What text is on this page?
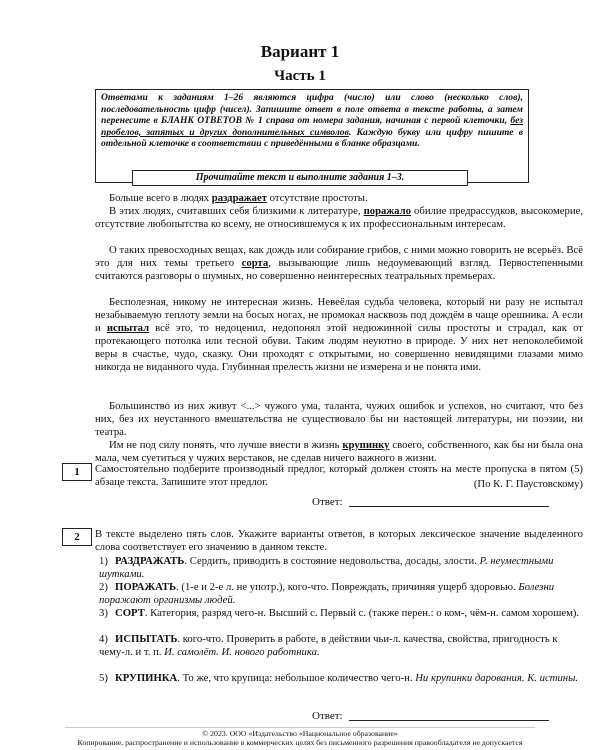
Вариант 1
Часть 1
Ответами к заданиям 1–26 являются цифра (число) или слово (несколько слов), последовательность цифр (чисел). Запишите ответ в поле ответа в тексте работы, а затем перенесите в БЛАНК ОТВЕТОВ № 1 справа от номера задания, начиная с первой клеточки, без пробелов, запятых и других дополнительных символов. Каждую букву или цифру пишите в отдельной клеточке в соответствии с приведёнными в бланке образцами.
Прочитайте текст и выполните задания 1–3.
Больше всего в людях раздражает отсутствие простоты.
В этих людях, считавших себя близкими к литературе, поражало обилие предрассудков, высокомерие, отсутствие любопытства ко всему, не относившемуся к их профессиональным интересам.
О таких превосходных вещах, как дождь или собирание грибов, с ними можно говорить не всерьёз. Всё это для них темы третьего сорта, вызывающие лишь недоумевающий взгляд. Первостепенными считаются разговоры о шумных, но совершенно неинтересных театральных премьерах.
Бесполезная, никому не интересная жизнь. Невеёлая судьба человека, который ни разу не испытал незабываемую теплоту земли на босых ногах, не промокал насквозь под дождём в чаще орешника. А если и испытал всё это, то недоценил, недопонял этой недюжинной силы простоты и страдал, как от протекающего потолка или тесной обуви. Таким людям неуютно в природе. У них нет непоколебимой веры в счастье, чудо, сказку. Они проходят с открытыми, но совершенно невидящими глазами мимо никогда не виданного чуда. Глубинная прелесть жизни не измерена и не понята ими.
Большинство из них живут <...> чужого ума, таланта, чужих ошибок и успехов, но считают, что без них, без их неустанного вмешательства не существовало бы ни настоящей литературы, ни поэзии, ни театра.
Им не под силу понять, что лучше внести в жизнь крупинку своего, собственного, как бы ни была она мала, чем суетиться у чужих верстаков, не сделав ничего важного в жизни.
(По К. Г. Паустовскому)
1	Самостоятельно подберите производный предлог, который должен стоять на месте пропуска в пятом (5) абзаце текста. Запишите этот предлог.
Ответ:
2	В тексте выделено пять слов. Укажите варианты ответов, в которых лексическое значение выделенного слова соответствует его значению в данном тексте.
1) РАЗДРАЖАТЬ. Сердить, приводить в состояние недовольства, досады, злости. Р. неуместными шутками.
2) ПОРАЖАТЬ. (1-е и 2-е л. не употр.), кого-что. Повреждать, причиняя ущерб здоровью. Болезни поражают организмы людей.
3) СОРТ. Категория, разряд чего-н. Высший с. Первый с. (также перен.: о ком-, чём-н. самом хорошем).
4) ИСПЫТАТЬ. кого-что. Проверить в работе, в действии чьи-л. качества, свойства, пригодность к чему-л. и т. п. И. самолёт. И. нового работника.
5) КРУПИНКА. То же, что крупица: небольшое количество чего-н. Ни крупинки дарования. К. истины.
Ответ:
© 2023. ООО «Издательство «Национальное образование»
Копирование, распространение и использование в коммерческих целях без письменного разрешения правообладателя не допускается
